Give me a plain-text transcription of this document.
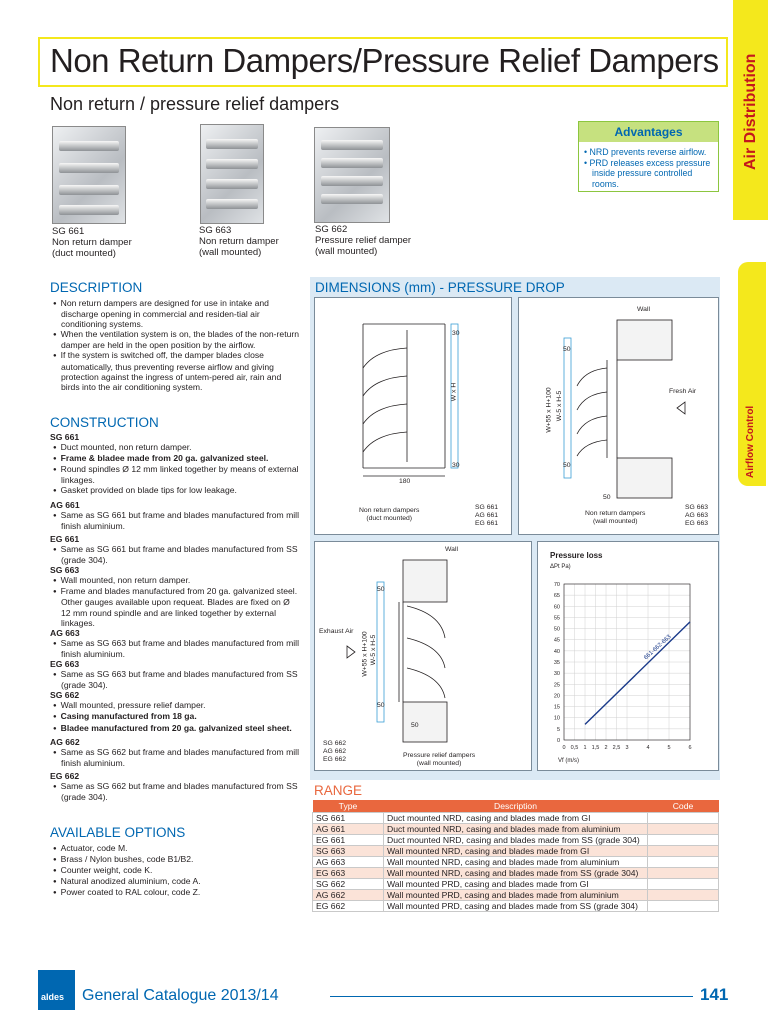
Air Distribution
Airflow Control
Non Return Dampers/Pressure Relief Dampers
Non return / pressure relief dampers
SG 661
Non return damper
(duct mounted)
SG 663
Non return damper
(wall mounted)
SG 662
Pressure relief damper
(wall mounted)
Advantages
• NRD prevents reverse airflow.
• PRD releases excess pressure
inside pressure controlled rooms.
DESCRIPTION
● Non return dampers are designed for use in intake and discharge opening in commercial and residen-tial air conditioning systems.
● When the ventilation system is on, the blades of the non-return damper are held in the open position by the airflow.
● If the system is switched off, the damper blades close automatically, thus preventing reverse airflow and giving protection against the ingress of untem-pered air, rain and birds into the air conditioning system.
CONSTRUCTION
SG 661
● Duct mounted, non return damper.
● Frame & bladee made from 20 ga. galvanized steel.
● Round spindles Ø 12 mm linked together by means of external linkages.
● Gasket provided on blade tips for low leakage.
AG 661
● Same as SG 661 but frame and blades manufactured from mill finish aluminium.
EG 661
● Same as SG 661 but frame and blades manufactured from SS (grade 304).
SG 663
● Wall mounted, non return damper.
● Frame and blades manufactured from 20 ga. galvanized steel. Other gauges available upon requeat. Blades are fixed on Ø 12 mm round spindle and are linked together by external linkages.
AG 663
● Same as SG 663 but frame and blades manufactured from mill finish aluminium.
EG 663
● Same as SG 663 but frame and blades manufactured from SS (grade 304).
SG 662
● Wall mounted, pressure relief damper.
● Casing manufactured from 18 ga.
● Bladee manufactured from 20 ga. galvanized steel sheet.
AG 662
● Same as SG 662 but frame and blades manufactured from mill finish aluminium.
EG 662
● Same as SG 662 but frame and blades manufactured from SS (grade 304).
AVAILABLE OPTIONS
● Actuator, code M.
● Brass / Nylon bushes, code B1/B2.
● Counter weight, code K.
● Natural anodized aluminium, code A.
● Power coated to RAL colour, code Z.
DIMENSIONS (mm) - PRESSURE DROP
W x H
30
30
180
Non return dampers
(duct mounted)
SG 661
AG 661
EG 661
Wall
Fresh Air
W+55 x H+100 W-5 x H-5
50
50
50
Non return dampers
(wall mounted)
SG 663
AG 663
EG 663
Wall
Exhaust Air W+55 x H+100 W-5 x H-5
50
50
50
SG 662
AG 662
EG 662
Pressure relief dampers
(wall mounted)
Pressure loss
ΔPt Pa)
Vf (m/s)
0
5
10
15
20
25
30
35
40
45
50
55
60
65
70
0 0,5 1 1,5 2 2,5 3	4	5	6
661-662-663
RANGE
Type	Description	Code
SG 661	Duct mounted NRD, casing and blades made from GI	
AG 661	Duct mounted NRD, casing and blades made from aluminium	
EG 661	Duct mounted NRD, casing and blades made from SS (grade 304)	
SG 663	Wall mounted NRD, casing and blades made from GI	
AG 663	Wall mounted NRD, casing and blades made from aluminium	
EG 663	Wall mounted NRD, casing and blades made from SS (grade 304)	
SG 662	Wall mounted PRD, casing and blades made from GI	
AG 662	Wall mounted PRD, casing and blades made from aluminium	
EG 662	Wall mounted PRD, casing and blades made from SS (grade 304)	
aldes General Catalogue 2013/14	141
